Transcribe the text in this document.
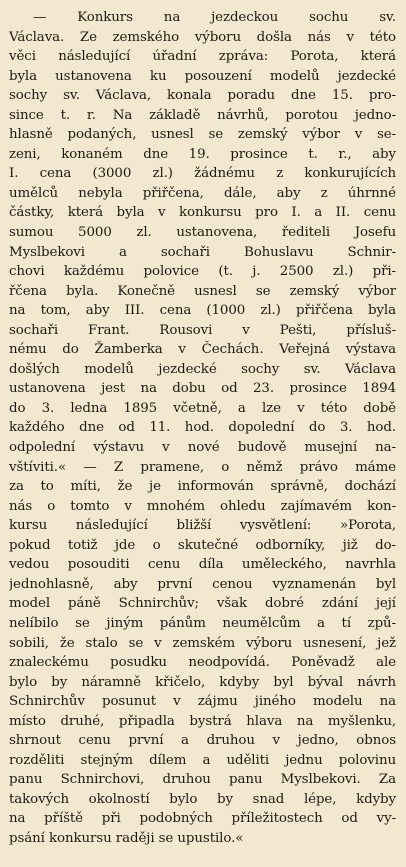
— Konkurs na jezdeckou sochu sv.
Václava. Ze zemského výboru došla nás v této
věci následující úřadní zpráva: Porota, která
byla ustanovena ku posouzení modelů jezdecké
sochy sv. Václava, konala poradu dne 15. pro-
since t. r. Na základě návrhů, porotou jedno-
hlasně podaných, usnesl se zemský výbor v se-
zeni, konaném dne 19. prosince t. r., aby
I. cena (3000 zl.) žádnému z konkurujících
umělců nebyla přiřčena, dále, aby z úhrnné
částky, která byla v konkursu pro I. a II. cenu
sumou 5000 zl. ustanovena, řediteli Josefu
Myslbekovi a sochaři Bohuslavu Schnir-
chovi každému polovice (t. j. 2500 zl.) při-
řčena byla. Konečně usnesl se zemský výbor
na tom, aby III. cena (1000 zl.) přiřčena byla
sochaři Frant. Rousovi v Pešti, přísluš-
nému do Žamberka v Čechách. Veřejná výstava
došlých modelů jezdecké sochy sv. Václava
ustanovena jest na dobu od 23. prosince 1894
do 3. ledna 1895 včetně, a lze v této době
každého dne od 11. hod. dopolední do 3. hod.
odpolední výstavu v nové budově musejní na-
vštíviti.« — Z pramene, o němž právo máme
za to míti, že je informován správně, dochází
nás o tomto v mnohém ohledu zajímavém kon-
kursu následující bližší vysvětlení: »Porota,
pokud totiž jde o skutečné odborníky, již do-
vedou posouditi cenu díla uměleckého, navrhla
jednohlasně, aby první cenou vyznamenán byl
model páně Schnirchův; však dobré zdání její
nelíbilo se jiným pánům neumělcům a tí způ-
sobili, že stalo se v zemském výboru usnesení, jež
znaleckému posudku neodpovídá. Poněvadž ale
bylo by náramně křičelo, kdyby byl býval návrh
Schnirchův posunut v zájmu jiného modelu na
místo druhé, připadla bystrá hlava na myšlenku,
shrnout cenu první a druhou v jedno, obnos
rozděliti stejným dílem a uděliti jednu polovinu
panu Schnirchovi, druhou panu Myslbekovi. Za
takových okolností bylo by snad lépe, kdyby
na příště při podobných příležitostech od vy-
psání konkursu raději se upustilo.«
